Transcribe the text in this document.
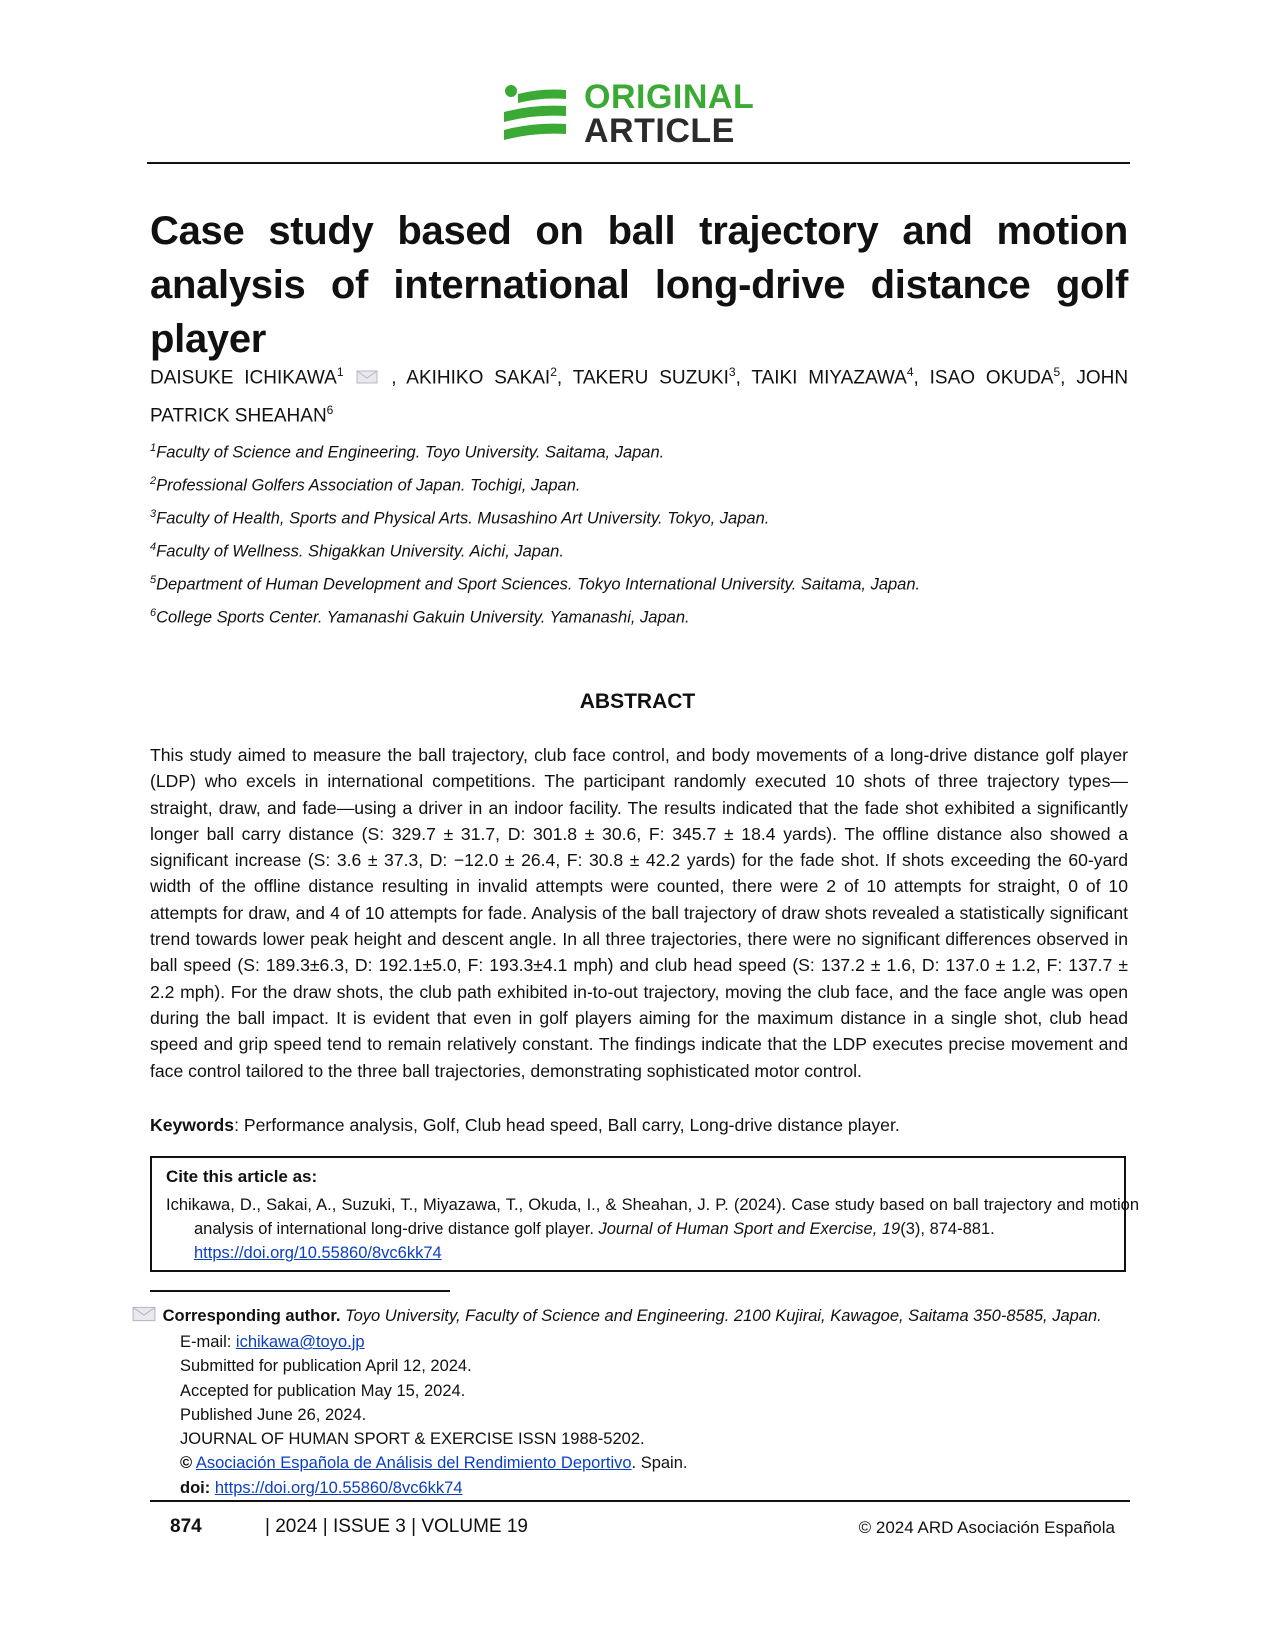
ORIGINAL
ARTICLE
Case study based on ball trajectory and motion analysis of international long-drive distance golf player
DAISUKE ICHIKAWA$^1$  , AKIHIKO SAKAI$^2$, TAKERU SUZUKI$^3$, TAIKI MIYAZAWA$^4$, ISAO OKUDA$^5$, JOHN PATRICK SHEAHAN$^6$
$^1$Faculty of Science and Engineering. Toyo University. Saitama, Japan.
$^2$Professional Golfers Association of Japan. Tochigi, Japan.
$^3$Faculty of Health, Sports and Physical Arts. Musashino Art University. Tokyo, Japan.
$^4$Faculty of Wellness. Shigakkan University. Aichi, Japan.
$^5$Department of Human Development and Sport Sciences. Tokyo International University. Saitama, Japan.
$^6$College Sports Center. Yamanashi Gakuin University. Yamanashi, Japan.
ABSTRACT
This study aimed to measure the ball trajectory, club face control, and body movements of a long-drive distance golf player (LDP) who excels in international competitions. The participant randomly executed 10 shots of three trajectory types—straight, draw, and fade—using a driver in an indoor facility. The results indicated that the fade shot exhibited a significantly longer ball carry distance (S: 329.7 ± 31.7, D: 301.8 ± 30.6, F: 345.7 ± 18.4 yards). The offline distance also showed a significant increase (S: 3.6 ± 37.3, D: −12.0 ± 26.4, F: 30.8 ± 42.2 yards) for the fade shot. If shots exceeding the 60-yard width of the offline distance resulting in invalid attempts were counted, there were 2 of 10 attempts for straight, 0 of 10 attempts for draw, and 4 of 10 attempts for fade. Analysis of the ball trajectory of draw shots revealed a statistically significant trend towards lower peak height and descent angle. In all three trajectories, there were no significant differences observed in ball speed (S: 189.3±6.3, D: 192.1±5.0, F: 193.3±4.1 mph) and club head speed (S: 137.2 ± 1.6, D: 137.0 ± 1.2, F: 137.7 ± 2.2 mph). For the draw shots, the club path exhibited in-to-out trajectory, moving the club face, and the face angle was open during the ball impact. It is evident that even in golf players aiming for the maximum distance in a single shot, club head speed and grip speed tend to remain relatively constant. The findings indicate that the LDP executes precise movement and face control tailored to the three ball trajectories, demonstrating sophisticated motor control.
Keywords: Performance analysis, Golf, Club head speed, Ball carry, Long-drive distance player.
Cite this article as:
Ichikawa, D., Sakai, A., Suzuki, T., Miyazawa, T., Okuda, I., & Sheahan, J. P. (2024). Case study based on ball trajectory and motion analysis of international long-drive distance golf player. Journal of Human Sport and Exercise, 19(3), 874-881.
https://doi.org/10.55860/8vc6kk74
Corresponding author. Toyo University, Faculty of Science and Engineering. 2100 Kujirai, Kawagoe, Saitama 350-8585, Japan.
E-mail: ichikawa@toyo.jp
Submitted for publication April 12, 2024.
Accepted for publication May 15, 2024.
Published June 26, 2024.
JOURNAL OF HUMAN SPORT & EXERCISE ISSN 1988-5202.
© Asociación Española de Análisis del Rendimiento Deportivo. Spain.
doi: https://doi.org/10.55860/8vc6kk74
874	| 2024 | ISSUE 3 | VOLUME 19	© 2024 ARD Asociación Española
